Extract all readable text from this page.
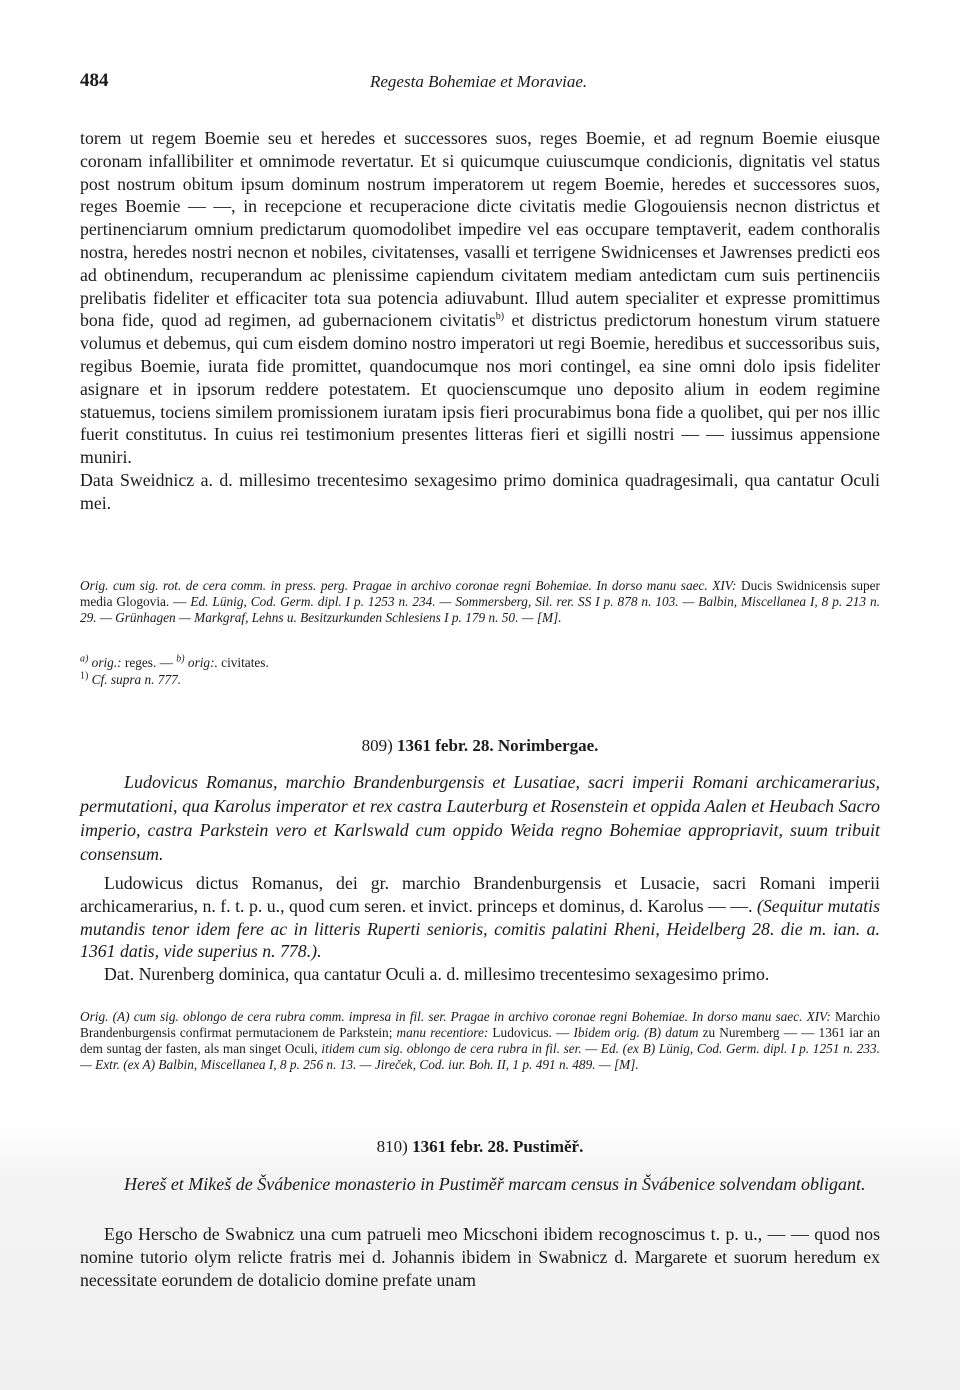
484	Regesta Bohemiae et Moraviae.

torem ut regem Boemie seu et heredes et successores suos, reges Boemie, et ad regnum Boemie eiusque coronam infallibiliter et omnimode revertatur. Et si quicumque cuiuscumque condicionis, dignitatis vel status post nostrum obitum ipsum dominum nostrum imperatorem ut regem Boemie, heredes et successores suos, reges Boemie — —, in recepcione et recuperacione dicte civitatis medie Glogouiensis necnon districtus et pertinenciarum omnium predictarum quomodolibet impedire vel eas occupare temptaverit, eadem conthoralis nostra, heredes nostri necnon et nobiles, civitatenses, vasalli et terrigene Swidnicenses et Jawrenses predicti eos ad obtinendum, recuperandum ac plenissime capiendum civitatem mediam antedictam cum suis pertinenciis prelibatis fideliter et efficaciter tota sua potencia adiuvabunt. Illud autem specialiter et expresse promittimus bona fide, quod ad regimen, ad gubernacionem civitatis$^{b)}$ et districtus predictorum honestum virum statuere volumus et debemus, qui cum eisdem domino nostro imperatori ut regi Boemie, heredibus et successoribus suis, regibus Boemie, iurata fide promittet, quandocumque nos mori contingel, ea sine omni dolo ipsis fideliter asignare et in ipsorum reddere potestatem. Et quocienscumque uno deposito alium in eodem regimine statuemus, tociens similem promissionem iuratam ipsis fieri procurabimus bona fide a quolibet, qui per nos illic fuerit constitutus. In cuius rei testimonium presentes litteras fieri et sigilli nostri — — iussimus appensione muniri.

Data Sweidnicz a. d. millesimo trecentesimo sexagesimo primo dominica quadragesimali, qua cantatur Oculi mei.

Orig. cum sig. rot. de cera comm. in press. perg. Pragae in archivo coronae regni Bohemiae. In dorso manu saec. XIV: Ducis Swidnicensis super media Glogovia. — Ed. Lünig, Cod. Germ. dipl. I p. 1253 n. 234. — Sommersberg, Sil. rer. SS I p. 878 n. 103. — Balbin, Miscellanea I, 8 p. 213 n. 29. — Grünhagen — Markgraf, Lehns u. Besitzurkunden Schlesiens I p. 179 n. 50. — [M].

$^{a)}$ orig.: reges. — $^{b)}$ orig:. civitates.

$^{1)}$ Cf. supra n. 777.

809) 1361 febr. 28. Norimbergae.

Ludovicus Romanus, marchio Brandenburgensis et Lusatiae, sacri imperii Romani archicamerarius, permutationi, qua Karolus imperator et rex castra Lauterburg et Rosenstein et oppida Aalen et Heubach Sacro imperio, castra Parkstein vero et Karlswald cum oppido Weida regno Bohemiae appropriavit, suum tribuit consensum.

Ludowicus dictus Romanus, dei gr. marchio Brandenburgensis et Lusacie, sacri Romani imperii archicamerarius, n. f. t. p. u., quod cum seren. et invict. princeps et dominus, d. Karolus — —. (Sequitur mutatis mutandis tenor idem fere ac in litteris Ruperti senioris, comitis palatini Rheni, Heidelberg 28. die m. ian. a. 1361 datis, vide superius n. 778.).

Dat. Nurenberg dominica, qua cantatur Oculi a. d. millesimo trecentesimo sexagesimo primo.

Orig. (A) cum sig. oblongo de cera rubra comm. impresa in fil. ser. Pragae in archivo coronae regni Bohemiae. In dorso manu saec. XIV: Marchio Brandenburgensis confirmat permutacionem de Parkstein; manu recentiore: Ludovicus. — Ibidem orig. (B) datum zu Nuremberg — — 1361 iar an dem suntag der fasten, als man singet Oculi, itidem cum sig. oblongo de cera rubra in fil. ser. — Ed. (ex B) Lünig, Cod. Germ. dipl. I p. 1251 n. 233. — Extr. (ex A) Balbin, Miscellanea I, 8 p. 256 n. 13. — Jireček, Cod. iur. Boh. II, 1 p. 491 n. 489. — [M].

810) 1361 febr. 28. Pustiměř.

Hereš et Mikeš de Švábenice monasterio in Pustiměř marcam census in Švábenice solvendam obligant.

Ego Herscho de Swabnicz una cum patrueli meo Micschoni ibidem recognoscimus t. p. u., — — quod nos nomine tutorio olym relicte fratris mei d. Johannis ibidem in Swabnicz d. Margarete et suorum heredum ex necessitate eorundem de dotalicio domine prefate unam
